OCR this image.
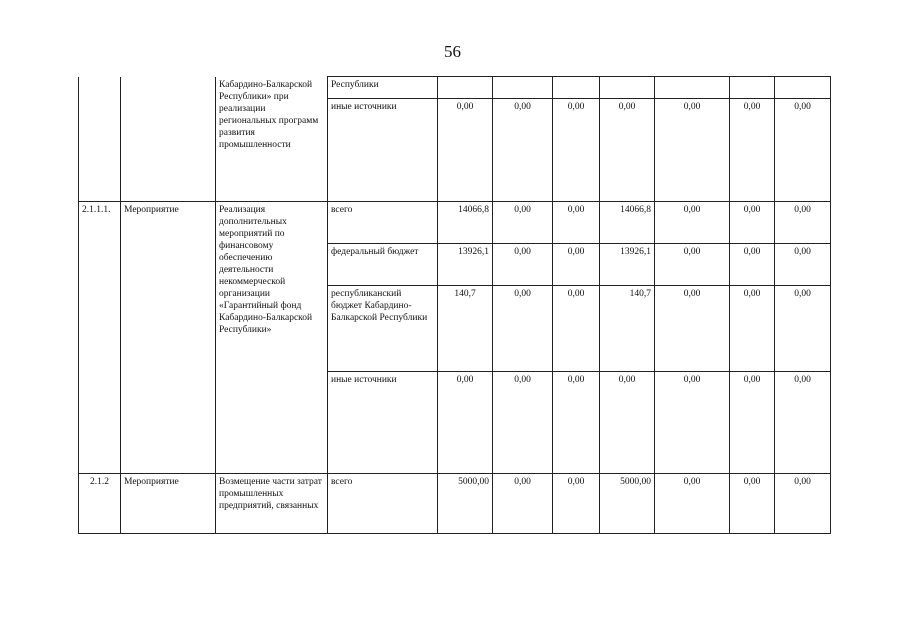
56
		Кабардино-Балкарской Республики» при реализации региональных программ развития промышленности	Республики							
			иные источники	0,00	0,00	0,00	0,00	0,00	0,00	0,00
2.1.1.1.	Мероприятие	Реализация дополнительных мероприятий по финансовому обеспечению деятельности некоммерческой организации «Гарантийный фонд Кабардино-Балкарской Республики»	всего	14066,8	0,00	0,00	14066,8	0,00	0,00	0,00
			федеральный бюджет	13926,1	0,00	0,00	13926,1	0,00	0,00	0,00
			республиканский бюджет Кабардино-Балкарской Республики	140,7	0,00	0,00	140,7	0,00	0,00	0,00
			иные источники	0,00	0,00	0,00	0,00	0,00	0,00	0,00
2.1.2	Мероприятие	Возмещение части затрат промышленных предприятий, связанных	всего	5000,00	0,00	0,00	5000,00	0,00	0,00	0,00
